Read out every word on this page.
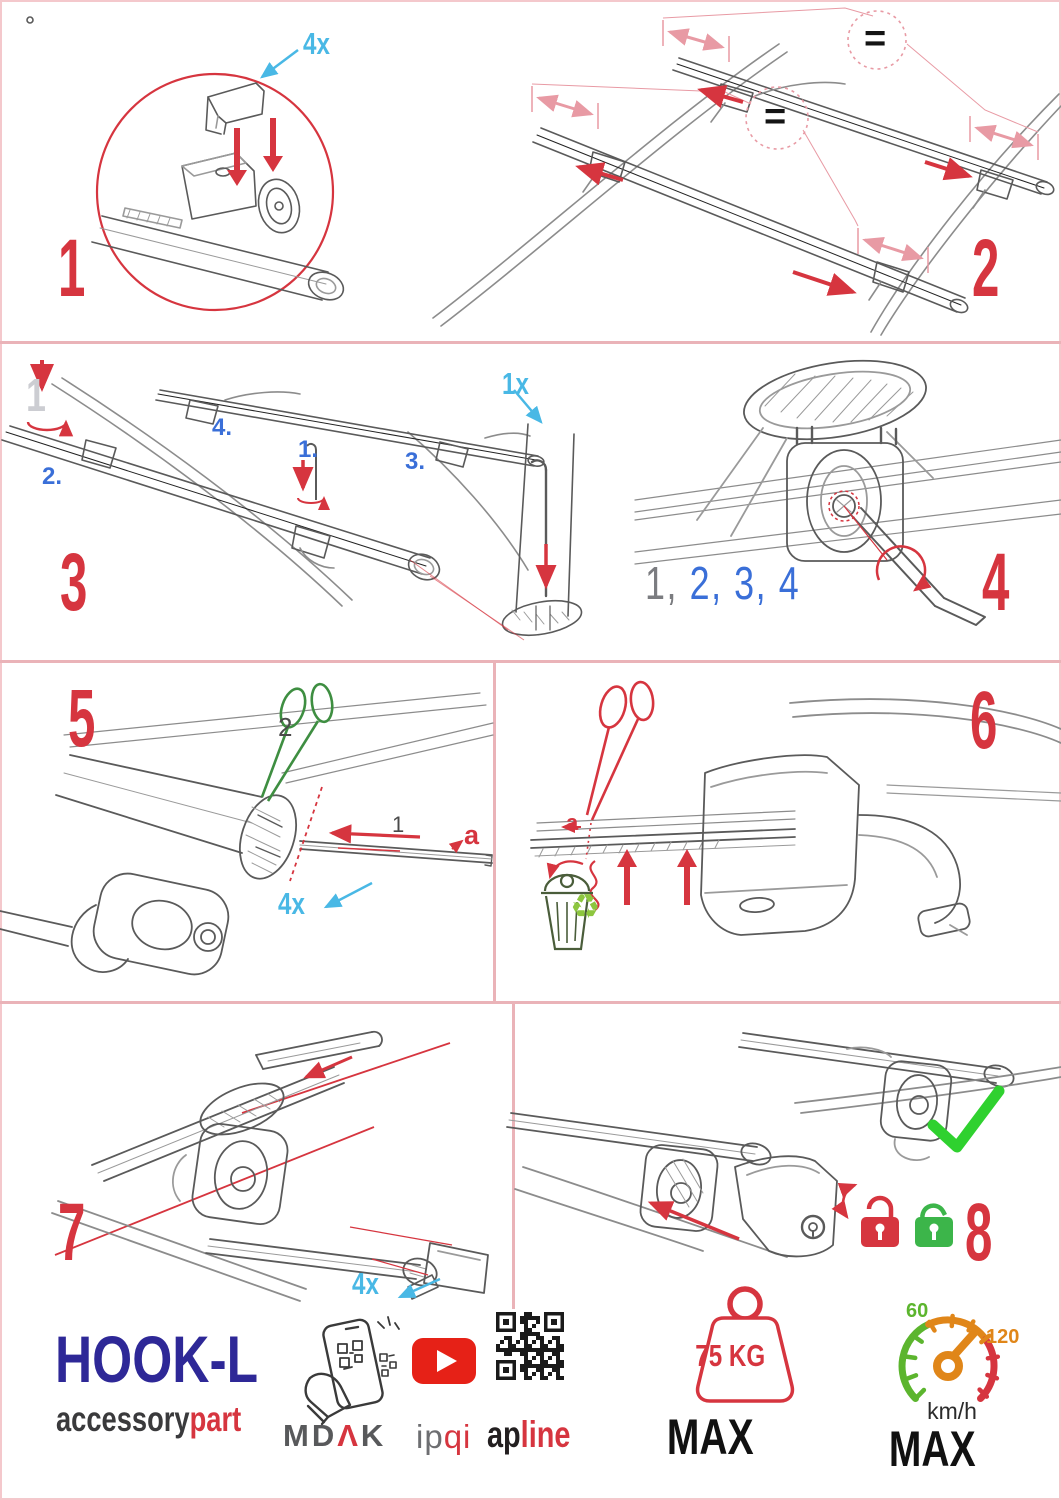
4x
1
=
=
2
1
2.
1.	3.
4.
1x
3	1, 2, 3, 4 4
2
1 a
4x
5
a
♻
6
4x
7	8
HOOK-L
accessorypart MDΛK ipqi apline
75 KG
MAX
60
120
km/h
MAX
